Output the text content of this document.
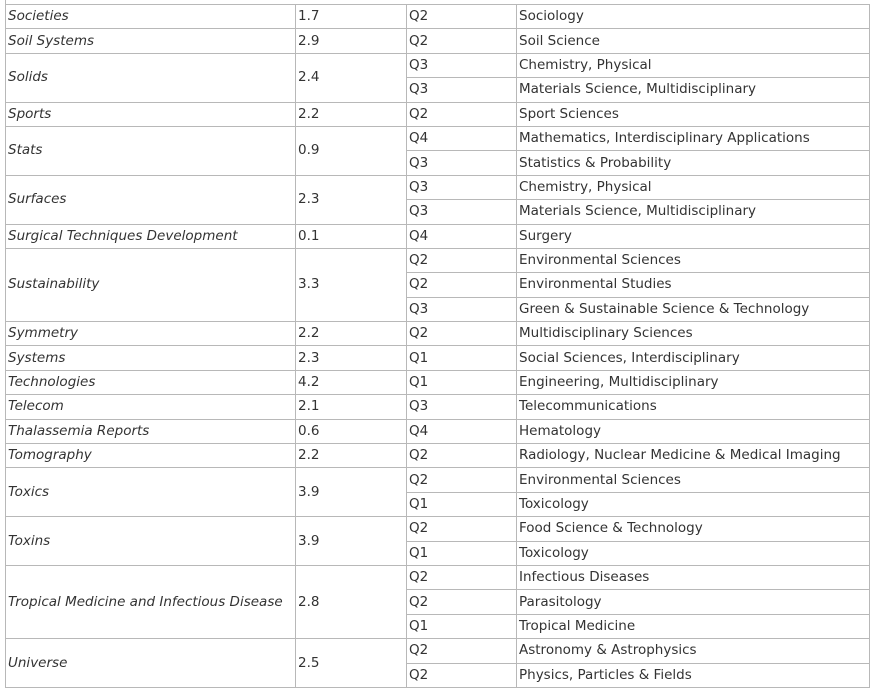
Societies	1.7	Q2	Sociology
Soil Systems	2.9	Q2	Soil Science
Solids	2.4	Q3	Chemistry, Physical
		Q3	Materials Science, Multidisciplinary
Sports	2.2	Q2	Sport Sciences
Stats	0.9	Q4	Mathematics, Interdisciplinary Applications
		Q3	Statistics & Probability
Surfaces	2.3	Q3	Chemistry, Physical
		Q3	Materials Science, Multidisciplinary
Surgical Techniques Development	0.1	Q4	Surgery
Sustainability	3.3	Q2	Environmental Sciences
		Q2	Environmental Studies
		Q3	Green & Sustainable Science & Technology
Symmetry	2.2	Q2	Multidisciplinary Sciences
Systems	2.3	Q1	Social Sciences, Interdisciplinary
Technologies	4.2	Q1	Engineering, Multidisciplinary
Telecom	2.1	Q3	Telecommunications
Thalassemia Reports	0.6	Q4	Hematology
Tomography	2.2	Q2	Radiology, Nuclear Medicine & Medical Imaging
Toxics	3.9	Q2	Environmental Sciences
		Q1	Toxicology
Toxins	3.9	Q2	Food Science & Technology
		Q1	Toxicology
Tropical Medicine and Infectious Disease	2.8	Q2	Infectious Diseases
		Q2	Parasitology
		Q1	Tropical Medicine
Universe	2.5	Q2	Astronomy & Astrophysics
		Q2	Physics, Particles & Fields
